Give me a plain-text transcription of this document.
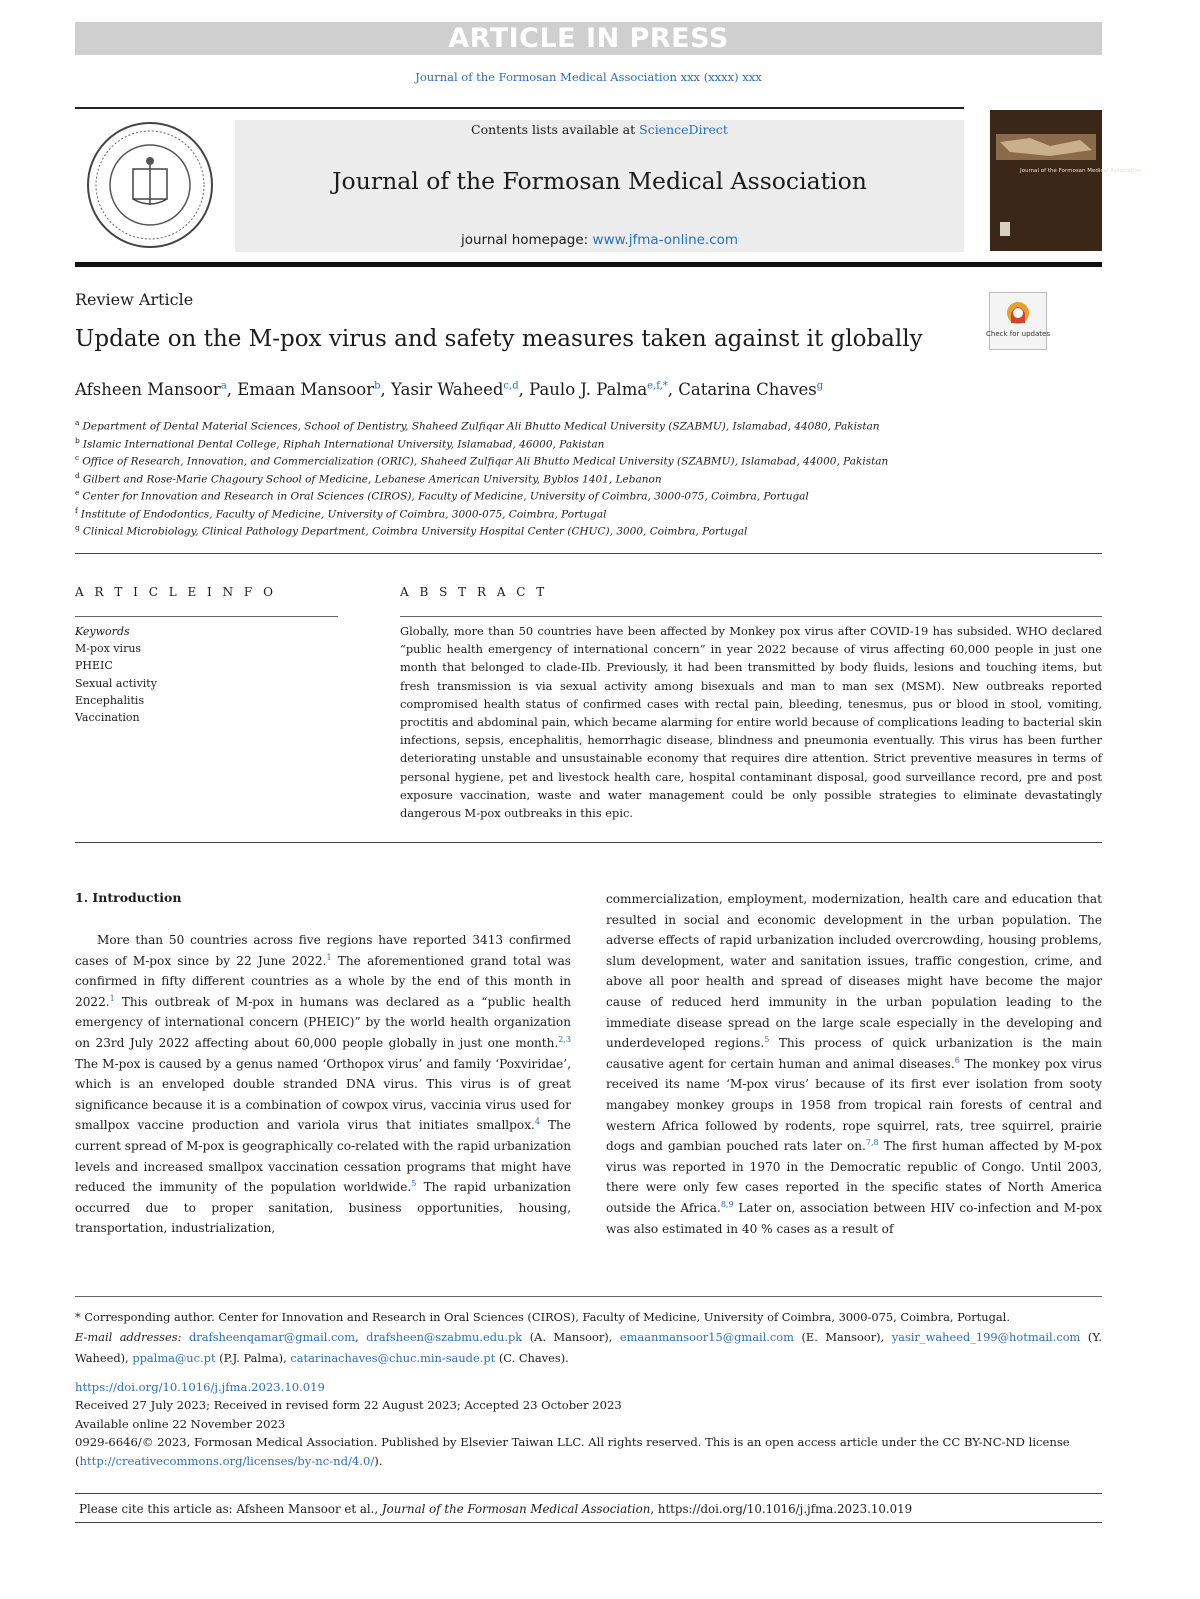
ARTICLE IN PRESS
Journal of the Formosan Medical Association xxx (xxxx) xxx
Contents lists available at ScienceDirect
Journal of the Formosan Medical Association
journal homepage: www.jfma-online.com
Journal of the Formosan Medical Association
Review Article
Update on the M-pox virus and safety measures taken against it globally	Check for updates
Afsheen Mansoor$^a$, Emaan Mansoor$^b$, Yasir Waheed$^{c,d}$, Paulo J. Palma$^{e,f,*}$, Catarina Chaves$^g$
$^a$ Department of Dental Material Sciences, School of Dentistry, Shaheed Zulfiqar Ali Bhutto Medical University (SZABMU), Islamabad, 44080, Pakistan
$^b$ Islamic International Dental College, Riphah International University, Islamabad, 46000, Pakistan
$^c$ Office of Research, Innovation, and Commercialization (ORIC), Shaheed Zulfiqar Ali Bhutto Medical University (SZABMU), Islamabad, 44000, Pakistan
$^d$ Gilbert and Rose-Marie Chagoury School of Medicine, Lebanese American University, Byblos 1401, Lebanon
$^e$ Center for Innovation and Research in Oral Sciences (CIROS), Faculty of Medicine, University of Coimbra, 3000-075, Coimbra, Portugal
$^f$ Institute of Endodontics, Faculty of Medicine, University of Coimbra, 3000-075, Coimbra, Portugal
$^g$ Clinical Microbiology, Clinical Pathology Department, Coimbra University Hospital Center (CHUC), 3000, Coimbra, Portugal
A R T I C L E I N F O	A B S T R A C T
Keywords
M-pox virus
PHEIC
Sexual activity
Encephalitis
Vaccination

Globally, more than 50 countries have been affected by Monkey pox virus after COVID-19 has subsided. WHO declared “public health emergency of international concern” in year 2022 because of virus affecting 60,000 people in just one month that belonged to clade-IIb. Previously, it had been transmitted by body fluids, lesions and touching items, but fresh transmission is via sexual activity among bisexuals and man to man sex (MSM). New outbreaks reported compromised health status of confirmed cases with rectal pain, bleeding, tenesmus, pus or blood in stool, vomiting, proctitis and abdominal pain, which became alarming for entire world because of complications leading to bacterial skin infections, sepsis, encephalitis, hemorrhagic disease, blindness and pneumonia eventually. This virus has been further deteriorating unstable and unsustainable economy that requires dire attention. Strict preventive measures in terms of personal hygiene, pet and livestock health care, hospital contaminant disposal, good surveillance record, pre and post exposure vaccination, waste and water management could be only possible strategies to eliminate devastatingly dangerous M-pox outbreaks in this epic.

1. Introduction

More than 50 countries across five regions have reported 3413 confirmed cases of M-pox since by 22 June 2022.$^1$ The aforementioned grand total was confirmed in fifty different countries as a whole by the end of this month in 2022.$^1$ This outbreak of M-pox in humans was declared as a “public health emergency of international concern (PHEIC)” by the world health organization on 23rd July 2022 affecting about 60,000 people globally in just one month.$^{2,3}$ The M-pox is caused by a genus named ‘Orthopox virus’ and family ‘Poxviridae’, which is an enveloped double stranded DNA virus. This virus is of great significance because it is a combination of cowpox virus, vaccinia virus used for smallpox vaccine production and variola virus that initiates smallpox.$^4$ The current spread of M-pox is geographically co-related with the rapid urbanization levels and increased smallpox vaccination cessation programs that might have reduced the immunity of the population worldwide.$^5$ The rapid urbanization occurred due to proper sanitation, business opportunities, housing, transportation, industrialization,

commercialization, employment, modernization, health care and education that resulted in social and economic development in the urban population. The adverse effects of rapid urbanization included overcrowding, housing problems, slum development, water and sanitation issues, traffic congestion, crime, and above all poor health and spread of diseases might have become the major cause of reduced herd immunity in the urban population leading to the immediate disease spread on the large scale especially in the developing and underdeveloped regions.$^5$ This process of quick urbanization is the main causative agent for certain human and animal diseases.$^6$ The monkey pox virus received its name ‘M-pox virus’ because of its first ever isolation from sooty mangabey monkey groups in 1958 from tropical rain forests of central and western Africa followed by rodents, rope squirrel, rats, tree squirrel, prairie dogs and gambian pouched rats later on.$^{7,8}$ The first human affected by M-pox virus was reported in 1970 in the Democratic republic of Congo. Until 2003, there were only few cases reported in the specific states of North America outside the Africa.$^{8,9}$ Later on, association between HIV co-infection and M-pox was also estimated in 40 % cases as a result of

* Corresponding author. Center for Innovation and Research in Oral Sciences (CIROS), Faculty of Medicine, University of Coimbra, 3000-075, Coimbra, Portugal.
E-mail addresses: drafsheenqamar@gmail.com, drafsheen@szabmu.edu.pk (A. Mansoor), emaanmansoor15@gmail.com (E. Mansoor), yasir_waheed_199@hotmail.com (Y. Waheed), ppalma@uc.pt (P.J. Palma), catarinachaves@chuc.min-saude.pt (C. Chaves).

https://doi.org/10.1016/j.jfma.2023.10.019
Received 27 July 2023; Received in revised form 22 August 2023; Accepted 23 October 2023
Available online 22 November 2023
0929-6646/© 2023, Formosan Medical Association. Published by Elsevier Taiwan LLC. All rights reserved. This is an open access article under the CC BY-NC-ND license (http://creativecommons.org/licenses/by-nc-nd/4.0/).
Please cite this article as: Afsheen Mansoor et al., Journal of the Formosan Medical Association, https://doi.org/10.1016/j.jfma.2023.10.019
